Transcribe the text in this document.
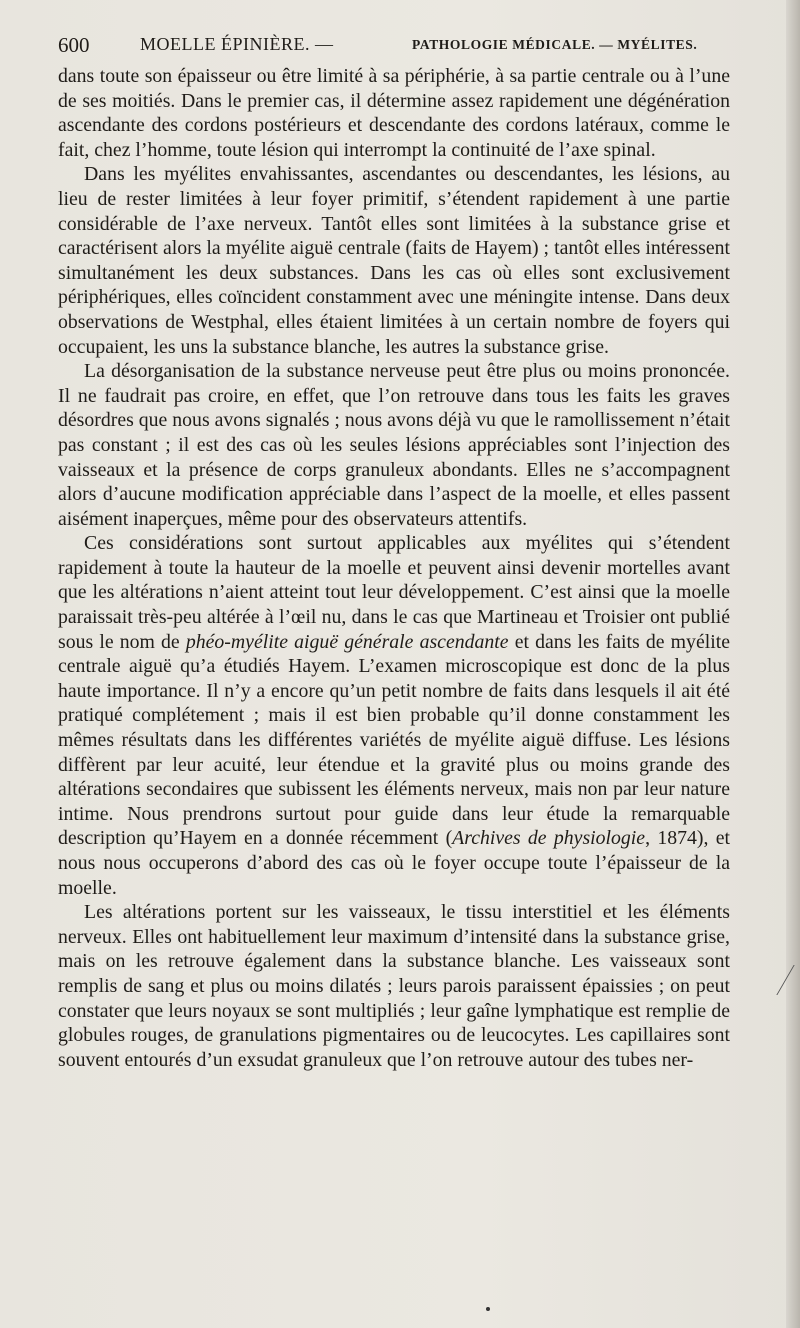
600	MOELLE ÉPINIÈRE. —	PATHOLOGIE MÉDICALE. — MYÉLITES.

dans toute son épaisseur ou être limité à sa périphérie, à sa partie centrale ou à l’une de ses moitiés. Dans le premier cas, il détermine assez rapidement une dégénération ascendante des cordons postérieurs et descendante des cordons latéraux, comme le fait, chez l’homme, toute lésion qui interrompt la continuité de l’axe spinal.

Dans les myélites envahissantes, ascendantes ou descendantes, les lésions, au lieu de rester limitées à leur foyer primitif, s’étendent rapidement à une partie considérable de l’axe nerveux. Tantôt elles sont limitées à la substance grise et caractérisent alors la myélite aiguë centrale (faits de Hayem) ; tantôt elles intéressent simultanément les deux substances. Dans les cas où elles sont exclusivement périphériques, elles coïncident constamment avec une méningite intense. Dans deux observations de Westphal, elles étaient limitées à un certain nombre de foyers qui occupaient, les uns la substance blanche, les autres la substance grise.

La désorganisation de la substance nerveuse peut être plus ou moins prononcée. Il ne faudrait pas croire, en effet, que l’on retrouve dans tous les faits les graves désordres que nous avons signalés ; nous avons déjà vu que le ramollissement n’était pas constant ; il est des cas où les seules lésions appréciables sont l’injection des vaisseaux et la présence de corps granuleux abondants. Elles ne s’accompagnent alors d’aucune modification appréciable dans l’aspect de la moelle, et elles passent aisément inaperçues, même pour des observateurs attentifs.

Ces considérations sont surtout applicables aux myélites qui s’étendent rapidement à toute la hauteur de la moelle et peuvent ainsi devenir mortelles avant que les altérations n’aient atteint tout leur développement. C’est ainsi que la moelle paraissait très-peu altérée à l’œil nu, dans le cas que Martineau et Troisier ont publié sous le nom de phéo-myélite aiguë générale ascendante et dans les faits de myélite centrale aiguë qu’a étudiés Hayem. L’examen microscopique est donc de la plus haute importance. Il n’y a encore qu’un petit nombre de faits dans lesquels il ait été pratiqué complétement ; mais il est bien probable qu’il donne constamment les mêmes résultats dans les différentes variétés de myélite aiguë diffuse. Les lésions diffèrent par leur acuité, leur étendue et la gravité plus ou moins grande des altérations secondaires que subissent les éléments nerveux, mais non par leur nature intime. Nous prendrons surtout pour guide dans leur étude la remarquable description qu’Hayem en a donnée récemment (Archives de physiologie, 1874), et nous nous occuperons d’abord des cas où le foyer occupe toute l’épaisseur de la moelle.

Les altérations portent sur les vaisseaux, le tissu interstitiel et les éléments nerveux. Elles ont habituellement leur maximum d’intensité dans la substance grise, mais on les retrouve également dans la substance blanche. Les vaisseaux sont remplis de sang et plus ou moins dilatés ; leurs parois paraissent épaissies ; on peut constater que leurs noyaux se sont multipliés ; leur gaîne lymphatique est remplie de globules rouges, de granulations pigmentaires ou de leucocytes. Les capillaires sont souvent entourés d’un exsudat granuleux que l’on retrouve autour des tubes ner-
